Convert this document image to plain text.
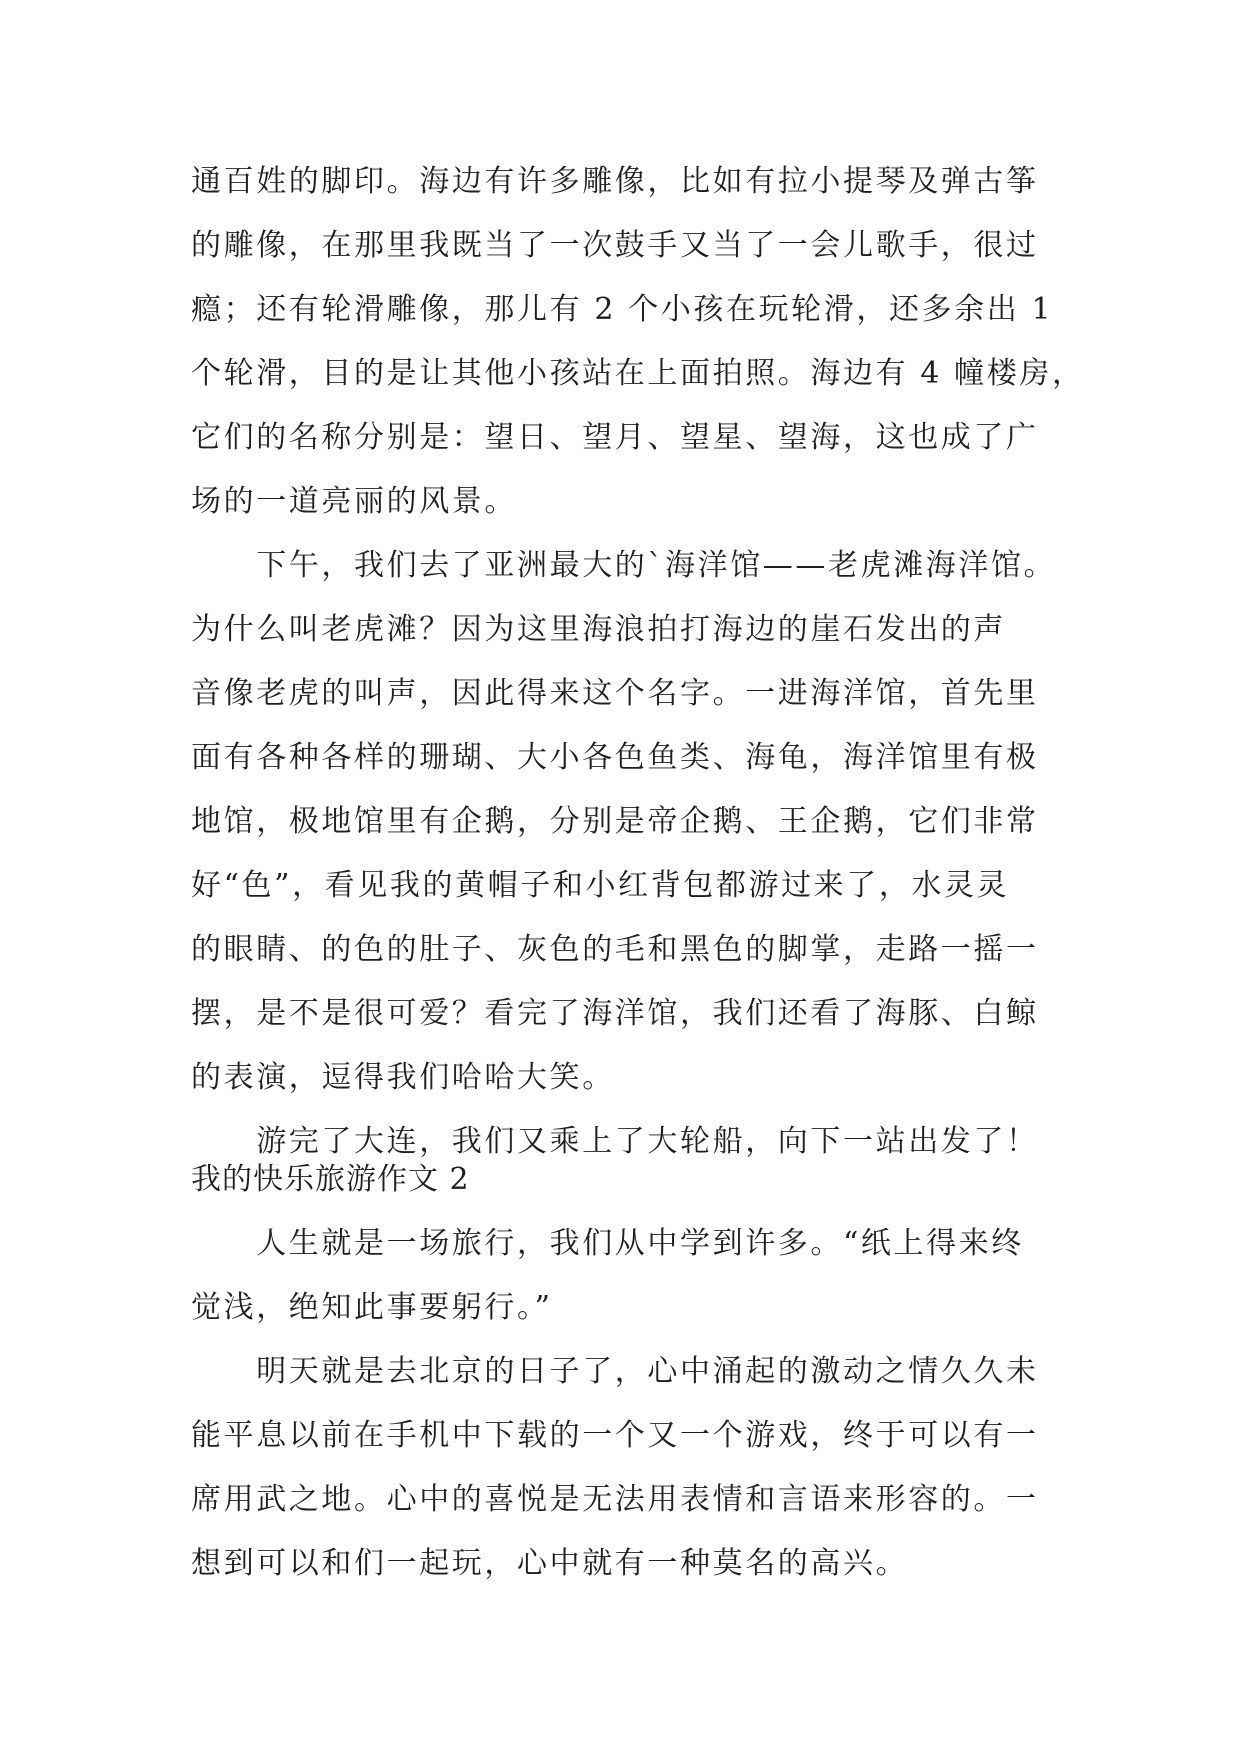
通百姓的脚印。海边有许多雕像，比如有拉小提琴及弹古筝
的雕像，在那里我既当了一次鼓手又当了一会儿歌手，很过
瘾；还有轮滑雕像，那儿有 2 个小孩在玩轮滑，还多余出 1
个轮滑，目的是让其他小孩站在上面拍照。海边有 4 幢楼房，
它们的名称分别是：望日、望月、望星、望海，这也成了广
场的一道亮丽的风景。
　　下午，我们去了亚洲最大的`海洋馆——老虎滩海洋馆。
为什么叫老虎滩？因为这里海浪拍打海边的崖石发出的声
音像老虎的叫声，因此得来这个名字。一进海洋馆，首先里
面有各种各样的珊瑚、大小各色鱼类、海龟，海洋馆里有极
地馆，极地馆里有企鹅，分别是帝企鹅、王企鹅，它们非常
好“色”，看见我的黄帽子和小红背包都游过来了，水灵灵
的眼睛、的色的肚子、灰色的毛和黑色的脚掌，走路一摇一
摆，是不是很可爱？看完了海洋馆，我们还看了海豚、白鲸
的表演，逗得我们哈哈大笑。
　　游完了大连，我们又乘上了大轮船，向下一站出发了！
我的快乐旅游作文 2
　　人生就是一场旅行，我们从中学到许多。“纸上得来终
觉浅，绝知此事要躬行。”
　　明天就是去北京的日子了，心中涌起的激动之情久久未
能平息以前在手机中下载的一个又一个游戏，终于可以有一
席用武之地。心中的喜悦是无法用表情和言语来形容的。一
想到可以和们一起玩，心中就有一种莫名的高兴。
